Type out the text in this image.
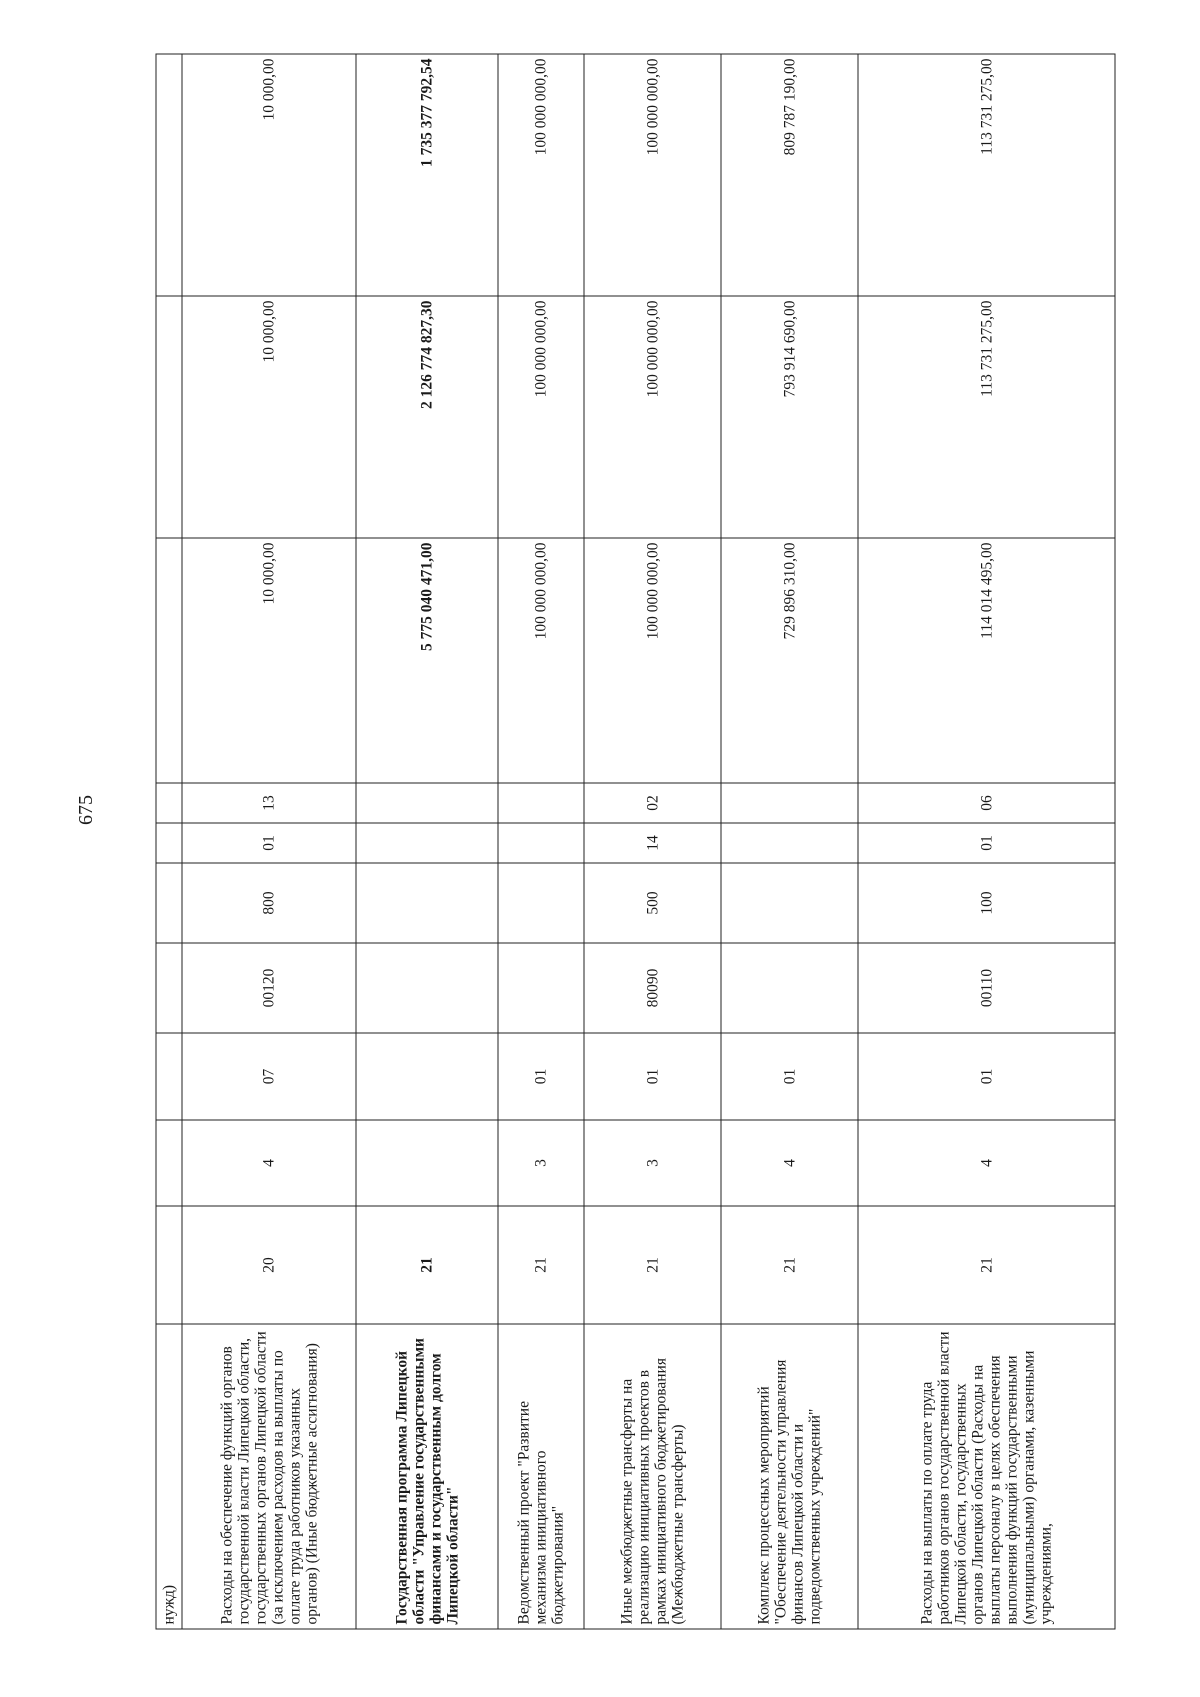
675
нужд)										
Расходы на обеспечение функций органов государственной власти Липецкой области, государственных органов Липецкой области (за исключением расходов на выплаты по оплате труда работников указанных органов) (Иные бюджетные ассигнования)	20	4	07	00120	800	01	13	10 000,00	10 000,00	10 000,00
Государственная программа Липецкой области "Управление государственными финансами и государственным долгом Липецкой области"	21							5 775 040 471,00	2 126 774 827,30	1 735 377 792,54
Ведомственный проект "Развитие механизма инициативного бюджетирования"	21	3	01					100 000 000,00	100 000 000,00	100 000 000,00
Иные межбюджетные трансферты на реализацию инициативных проектов в рамках инициативного бюджетирования (Межбюджетные трансферты)	21	3	01	80090	500	14	02	100 000 000,00	100 000 000,00	100 000 000,00
Комплекс процессных мероприятий "Обеспечение деятельности управления финансов Липецкой области и подведомственных учреждений"	21	4	01					729 896 310,00	793 914 690,00	809 787 190,00
Расходы на выплаты по оплате труда работников органов государственной власти Липецкой области, государственных органов Липецкой области (Расходы на выплаты персоналу в целях обеспечения выполнения функций государственными (муниципальными) органами, казенными учреждениями,	21	4	01	00110	100	01	06	114 014 495,00	113 731 275,00	113 731 275,00
